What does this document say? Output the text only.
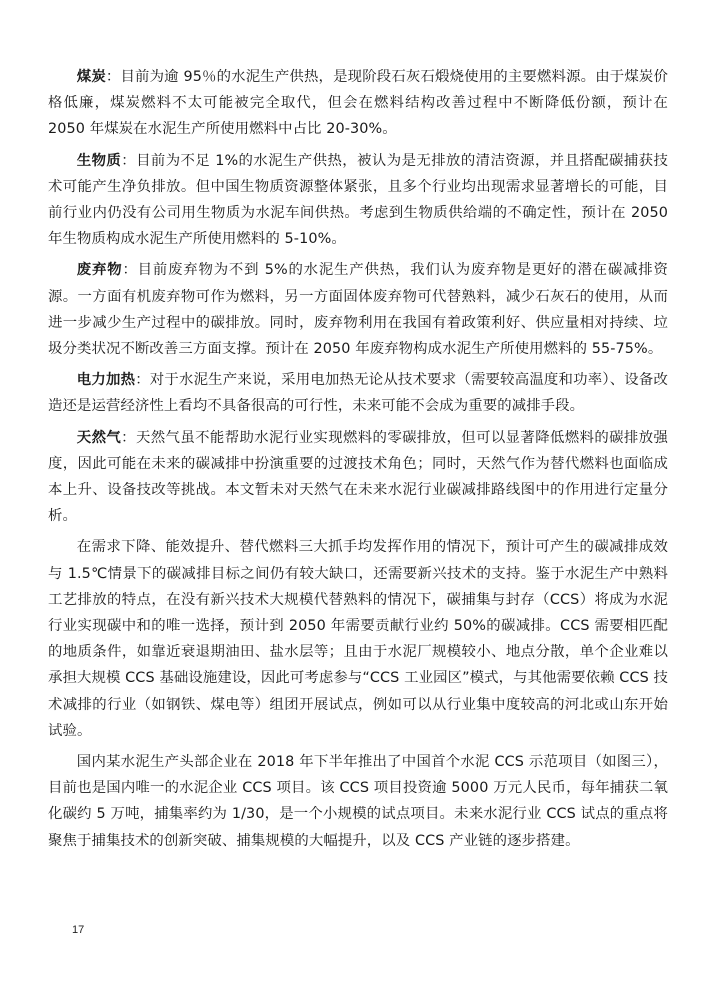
煤炭：目前为逾 95％的水泥生产供热，是现阶段石灰石煅烧使用的主要燃料源。由于煤炭价格低廉，煤炭燃料不太可能被完全取代，但会在燃料结构改善过程中不断降低份额，预计在 2050 年煤炭在水泥生产所使用燃料中占比 20-30%。

生物质：目前为不足 1%的水泥生产供热，被认为是无排放的清洁资源，并且搭配碳捕获技术可能产生净负排放。但中国生物质资源整体紧张，且多个行业均出现需求显著增长的可能，目前行业内仍没有公司用生物质为水泥车间供热。考虑到生物质供给端的不确定性，预计在 2050 年生物质构成水泥生产所使用燃料的 5-10%。

废弃物：目前废弃物为不到 5%的水泥生产供热，我们认为废弃物是更好的潜在碳减排资源。一方面有机废弃物可作为燃料，另一方面固体废弃物可代替熟料，减少石灰石的使用，从而进一步减少生产过程中的碳排放。同时，废弃物利用在我国有着政策利好、供应量相对持续、垃圾分类状况不断改善三方面支撑。预计在 2050 年废弃物构成水泥生产所使用燃料的 55-75%。

电力加热：对于水泥生产来说，采用电加热无论从技术要求（需要较高温度和功率）、设备改造还是运营经济性上看均不具备很高的可行性，未来可能不会成为重要的减排手段。

天然气：天然气虽不能帮助水泥行业实现燃料的零碳排放，但可以显著降低燃料的碳排放强度，因此可能在未来的碳减排中扮演重要的过渡技术角色；同时，天然气作为替代燃料也面临成本上升、设备技改等挑战。本文暂未对天然气在未来水泥行业碳减排路线图中的作用进行定量分析。

在需求下降、能效提升、替代燃料三大抓手均发挥作用的情况下，预计可产生的碳减排成效与 1.5℃情景下的碳减排目标之间仍有较大缺口，还需要新兴技术的支持。鉴于水泥生产中熟料工艺排放的特点，在没有新兴技术大规模代替熟料的情况下，碳捕集与封存（CCS）将成为水泥行业实现碳中和的唯一选择，预计到 2050 年需要贡献行业约 50%的碳减排。CCS 需要相匹配的地质条件，如靠近衰退期油田、盐水层等；且由于水泥厂规模较小、地点分散，单个企业难以承担大规模 CCS 基础设施建设，因此可考虑参与“CCS 工业园区”模式，与其他需要依赖 CCS 技术减排的行业（如钢铁、煤电等）组团开展试点，例如可以从行业集中度较高的河北或山东开始试验。

国内某水泥生产头部企业在 2018 年下半年推出了中国首个水泥 CCS 示范项目（如图三），目前也是国内唯一的水泥企业 CCS 项目。该 CCS 项目投资逾 5000 万元人民币，每年捕获二氧化碳约 5 万吨，捕集率约为 1/30，是一个小规模的试点项目。未来水泥行业 CCS 试点的重点将聚焦于捕集技术的创新突破、捕集规模的大幅提升，以及 CCS 产业链的逐步搭建。

17
